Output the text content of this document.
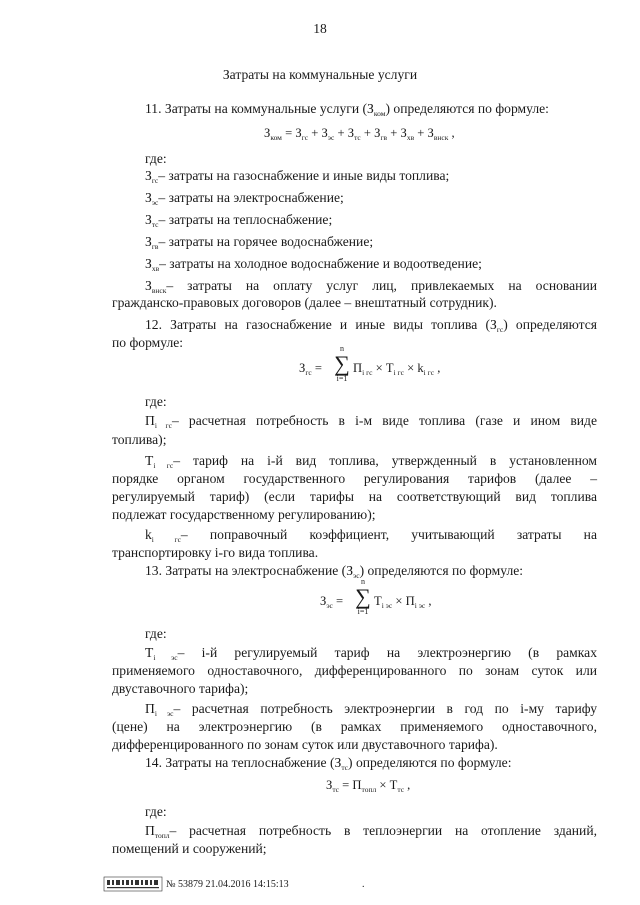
18
Затраты на коммунальные услуги
11. Затраты на коммунальные услуги $(З_{ком})$ определяются по формуле:
$З_{ком} = З_{гс} + З_{эс} + З_{тс} + З_{гв} + З_{хв} + З_{внск}$ ,
где:
$З_{гс}-$ затраты на газоснабжение и иные виды топлива;
$З_{эс}-$ затраты на электроснабжение;
$З_{тс}-$ затраты на теплоснабжение;
$З_{гв}-$ затраты на горячее водоснабжение;
$З_{хв}-$ затраты на холодное водоснабжение и водоотведение;
$З_{внск}-$ затраты на оплату услуг лиц, привлекаемых на основании
гражданско-правовых договоров (далее – внештатный сотрудник).
12. Затраты на газоснабжение и иные виды топлива $(З_{гс})$ определяются
по формуле:
$З_{гс}$ =
n
∑
i=1
$П_{i гс} \times Т_{i гс} \times k_{i гс}$ ,
где:
$П_{i гс}-$ расчетная потребность в i-м виде топлива (газе и ином виде
топлива);
$Т_{i гс}-$ тариф на i-й вид топлива, утвержденный в установленном
порядке органом государственного регулирования тарифов (далее –
регулируемый тариф) (если тарифы на соответствующий вид топлива
подлежат государственному регулированию);
$k_{i гс}-$ поправочный коэффициент, учитывающий затраты на
транспортировку i-го вида топлива.
13. Затраты на электроснабжение $(З_{эс})$ определяются по формуле:
$З_{эс}$ =
n
∑
i=1
$Т_{i эс} \times П_{i эс}$ ,
где:
$Т_{i эс}-$ i-й регулируемый тариф на электроэнергию (в рамках
применяемого одноставочного, дифференцированного по зонам суток или
двуставочного тарифа);
$П_{i эс}-$ расчетная потребность электроэнергии в год по i-му тарифу
(цене) на электроэнергию (в рамках применяемого одноставочного,
дифференцированного по зонам суток или двуставочного тарифа).
14. Затраты на теплоснабжение $(З_{тс})$ определяются по формуле:
$З_{тс} = П_{топл} \times Т_{тс}$ ,
где:
$П_{топл}-$ расчетная потребность в теплоэнергии на отопление зданий,
помещений и сооружений;
№ 53879 21.04.2016 14:15:13	.
